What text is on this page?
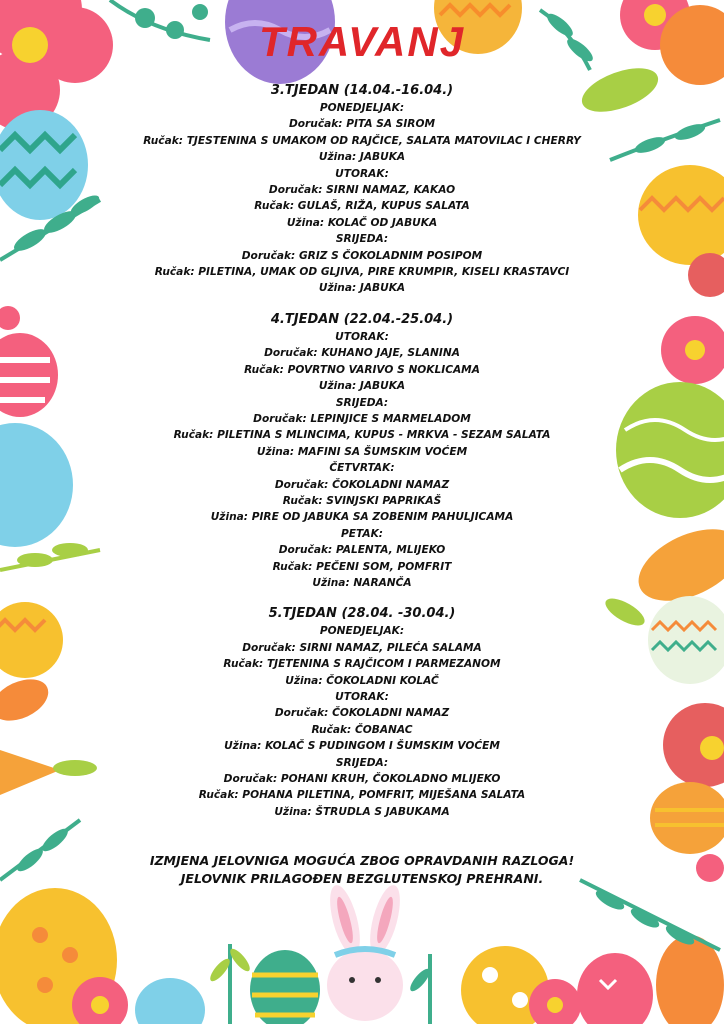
TRAVANJ
3.TJEDAN (14.04.-16.04.)
PONEDJELJAK:
Doručak: PITA SA SIROM
Ručak: TJESTENINA S UMAKOM OD RAJČICE, SALATA MATOVILAC I CHERRY
Užina: JABUKA
UTORAK:
Doručak: SIRNI NAMAZ, KAKAO
Ručak: GULAŠ, RIŽA, KUPUS SALATA
Užina: KOLAČ OD JABUKA
SRIJEDA:
Doručak: GRIZ S ČOKOLADNIM POSIPOM
Ručak: PILETINA, UMAK OD GLJIVA, PIRE KRUMPIR, KISELI KRASTAVCI
Užina: JABUKA
4.TJEDAN (22.04.-25.04.)
UTORAK:
Doručak: KUHANO JAJE, SLANINA
Ručak: POVRTNO VARIVO S NOKLICAMA
Užina: JABUKA
SRIJEDA:
Doručak: LEPINJICE S MARMELADOM
Ručak: PILETINA S MLINCIMA, KUPUS - MRKVA - SEZAM SALATA
Užina: MAFINI SA ŠUMSKIM VOĆEM
ČETVRTAK:
Doručak: ČOKOLADNI NAMAZ
Ručak: SVINJSKI PAPRIKAŠ
Užina: PIRE OD JABUKA SA ZOBENIM PAHULJICAMA
PETAK:
Doručak: PALENTA, MLIJEKO
Ručak: PEČENI SOM, POMFRIT
Užina: NARANČA
5.TJEDAN (28.04. -30.04.)
PONEDJELJAK:
Doručak: SIRNI NAMAZ, PILEĆA SALAMA
Ručak: TJETENINA S RAJČICOM I PARMEZANOM
Užina: ČOKOLADNI KOLAČ
UTORAK:
Doručak: ČOKOLADNI NAMAZ
Ručak: ČOBANAC
Užina: KOLAČ S PUDINGOM I ŠUMSKIM VOĆEM
SRIJEDA:
Doručak: POHANI KRUH, ČOKOLADNO MLIJEKO
Ručak: POHANA PILETINA, POMFRIT, MIJEŠANA SALATA
Užina: ŠTRUDLA S JABUKAMA
IZMJENA JELOVNIGA MOGUĆA ZBOG OPRAVDANIH RAZLOGA!
JELOVNIK PRILAGOĐEN BEZGLUTENSKOJ PREHRANI.
